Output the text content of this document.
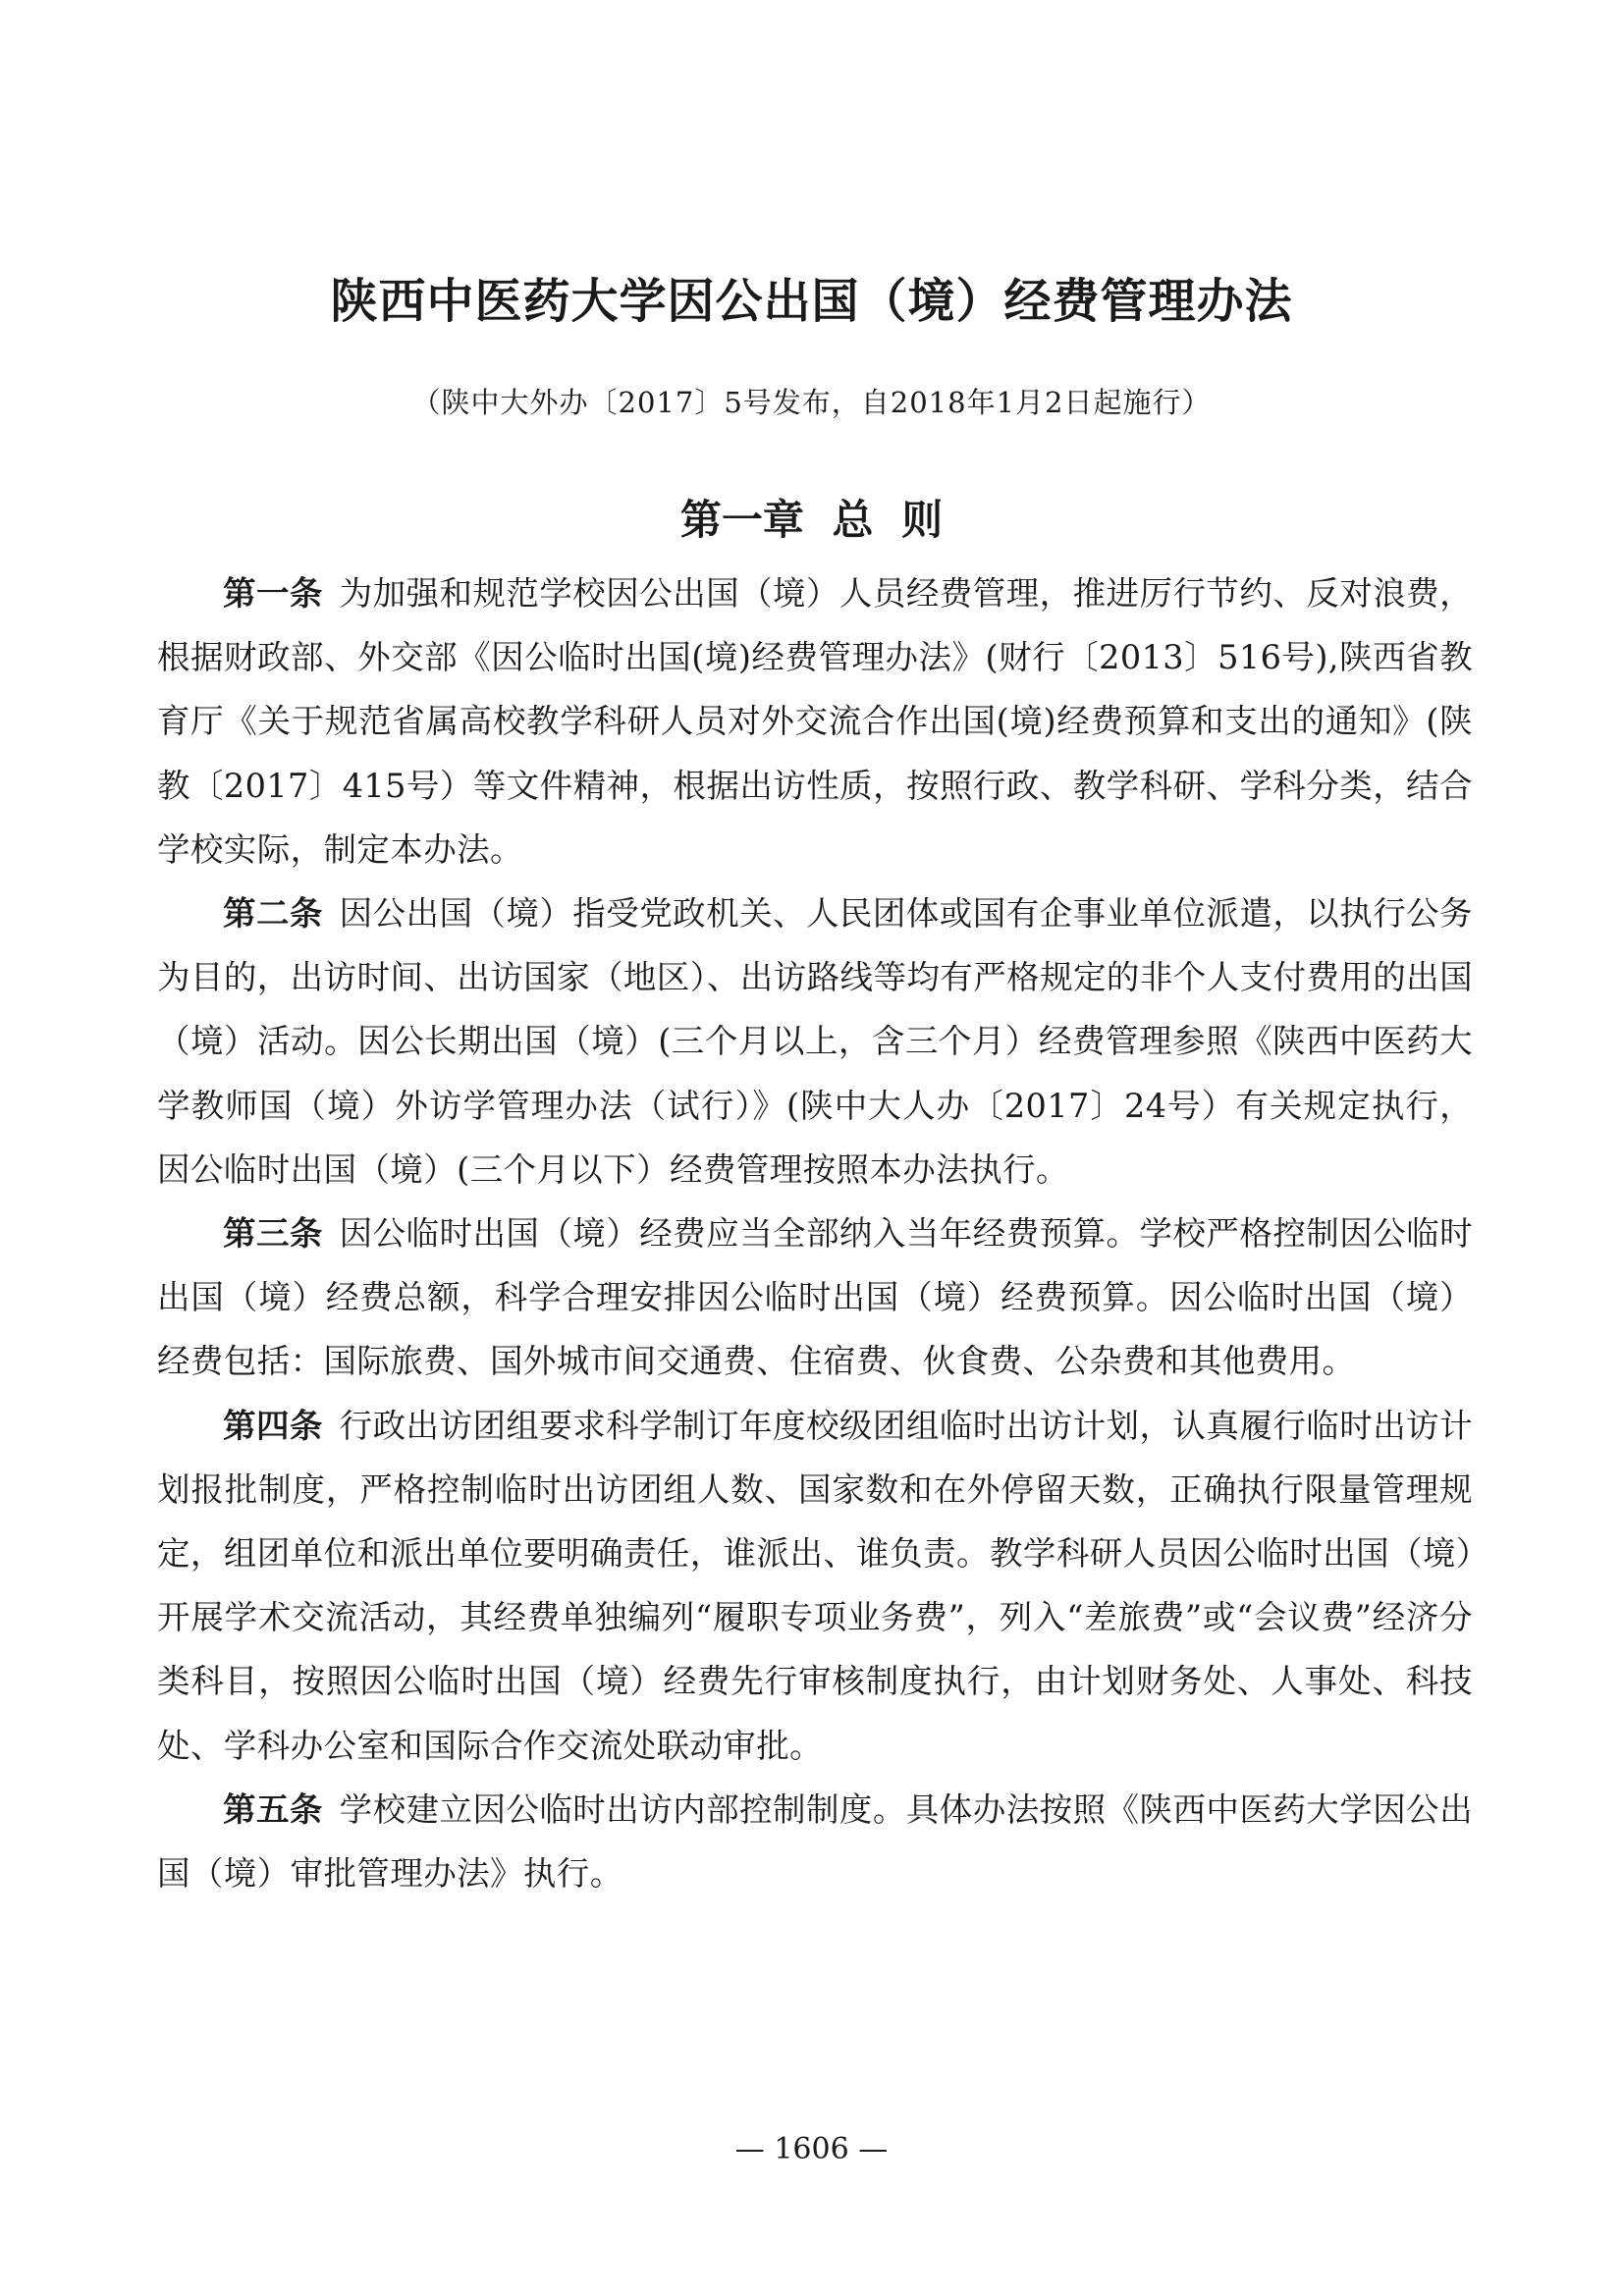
陕西中医药大学因公出国（境）经费管理办法

（陕中大外办〔2017〕5号发布，自2018年1月2日起施行）

第一章 总 则

第一条 为加强和规范学校因公出国（境）人员经费管理，推进厉行节约、反对浪费，根据财政部、外交部《因公临时出国(境)经费管理办法》(财行〔2013〕516号),陕西省教育厅《关于规范省属高校教学科研人员对外交流合作出国(境)经费预算和支出的通知》(陕教〔2017〕415号）等文件精神，根据出访性质，按照行政、教学科研、学科分类，结合学校实际，制定本办法。

第二条 因公出国（境）指受党政机关、人民团体或国有企事业单位派遣，以执行公务为目的，出访时间、出访国家（地区）、出访路线等均有严格规定的非个人支付费用的出国（境）活动。因公长期出国（境）(三个月以上，含三个月）经费管理参照《陕西中医药大学教师国（境）外访学管理办法（试行）》(陕中大人办〔2017〕24号）有关规定执行，因公临时出国（境）(三个月以下）经费管理按照本办法执行。

第三条 因公临时出国（境）经费应当全部纳入当年经费预算。学校严格控制因公临时出国（境）经费总额，科学合理安排因公临时出国（境）经费预算。因公临时出国（境）经费包括：国际旅费、国外城市间交通费、住宿费、伙食费、公杂费和其他费用。

第四条 行政出访团组要求科学制订年度校级团组临时出访计划，认真履行临时出访计划报批制度，严格控制临时出访团组人数、国家数和在外停留天数，正确执行限量管理规定，组团单位和派出单位要明确责任，谁派出、谁负责。教学科研人员因公临时出国（境）开展学术交流活动，其经费单独编列“履职专项业务费”，列入“差旅费”或“会议费”经济分类科目，按照因公临时出国（境）经费先行审核制度执行，由计划财务处、人事处、科技处、学科办公室和国际合作交流处联动审批。

第五条 学校建立因公临时出访内部控制制度。具体办法按照《陕西中医药大学因公出国（境）审批管理办法》执行。

— 1606 —
